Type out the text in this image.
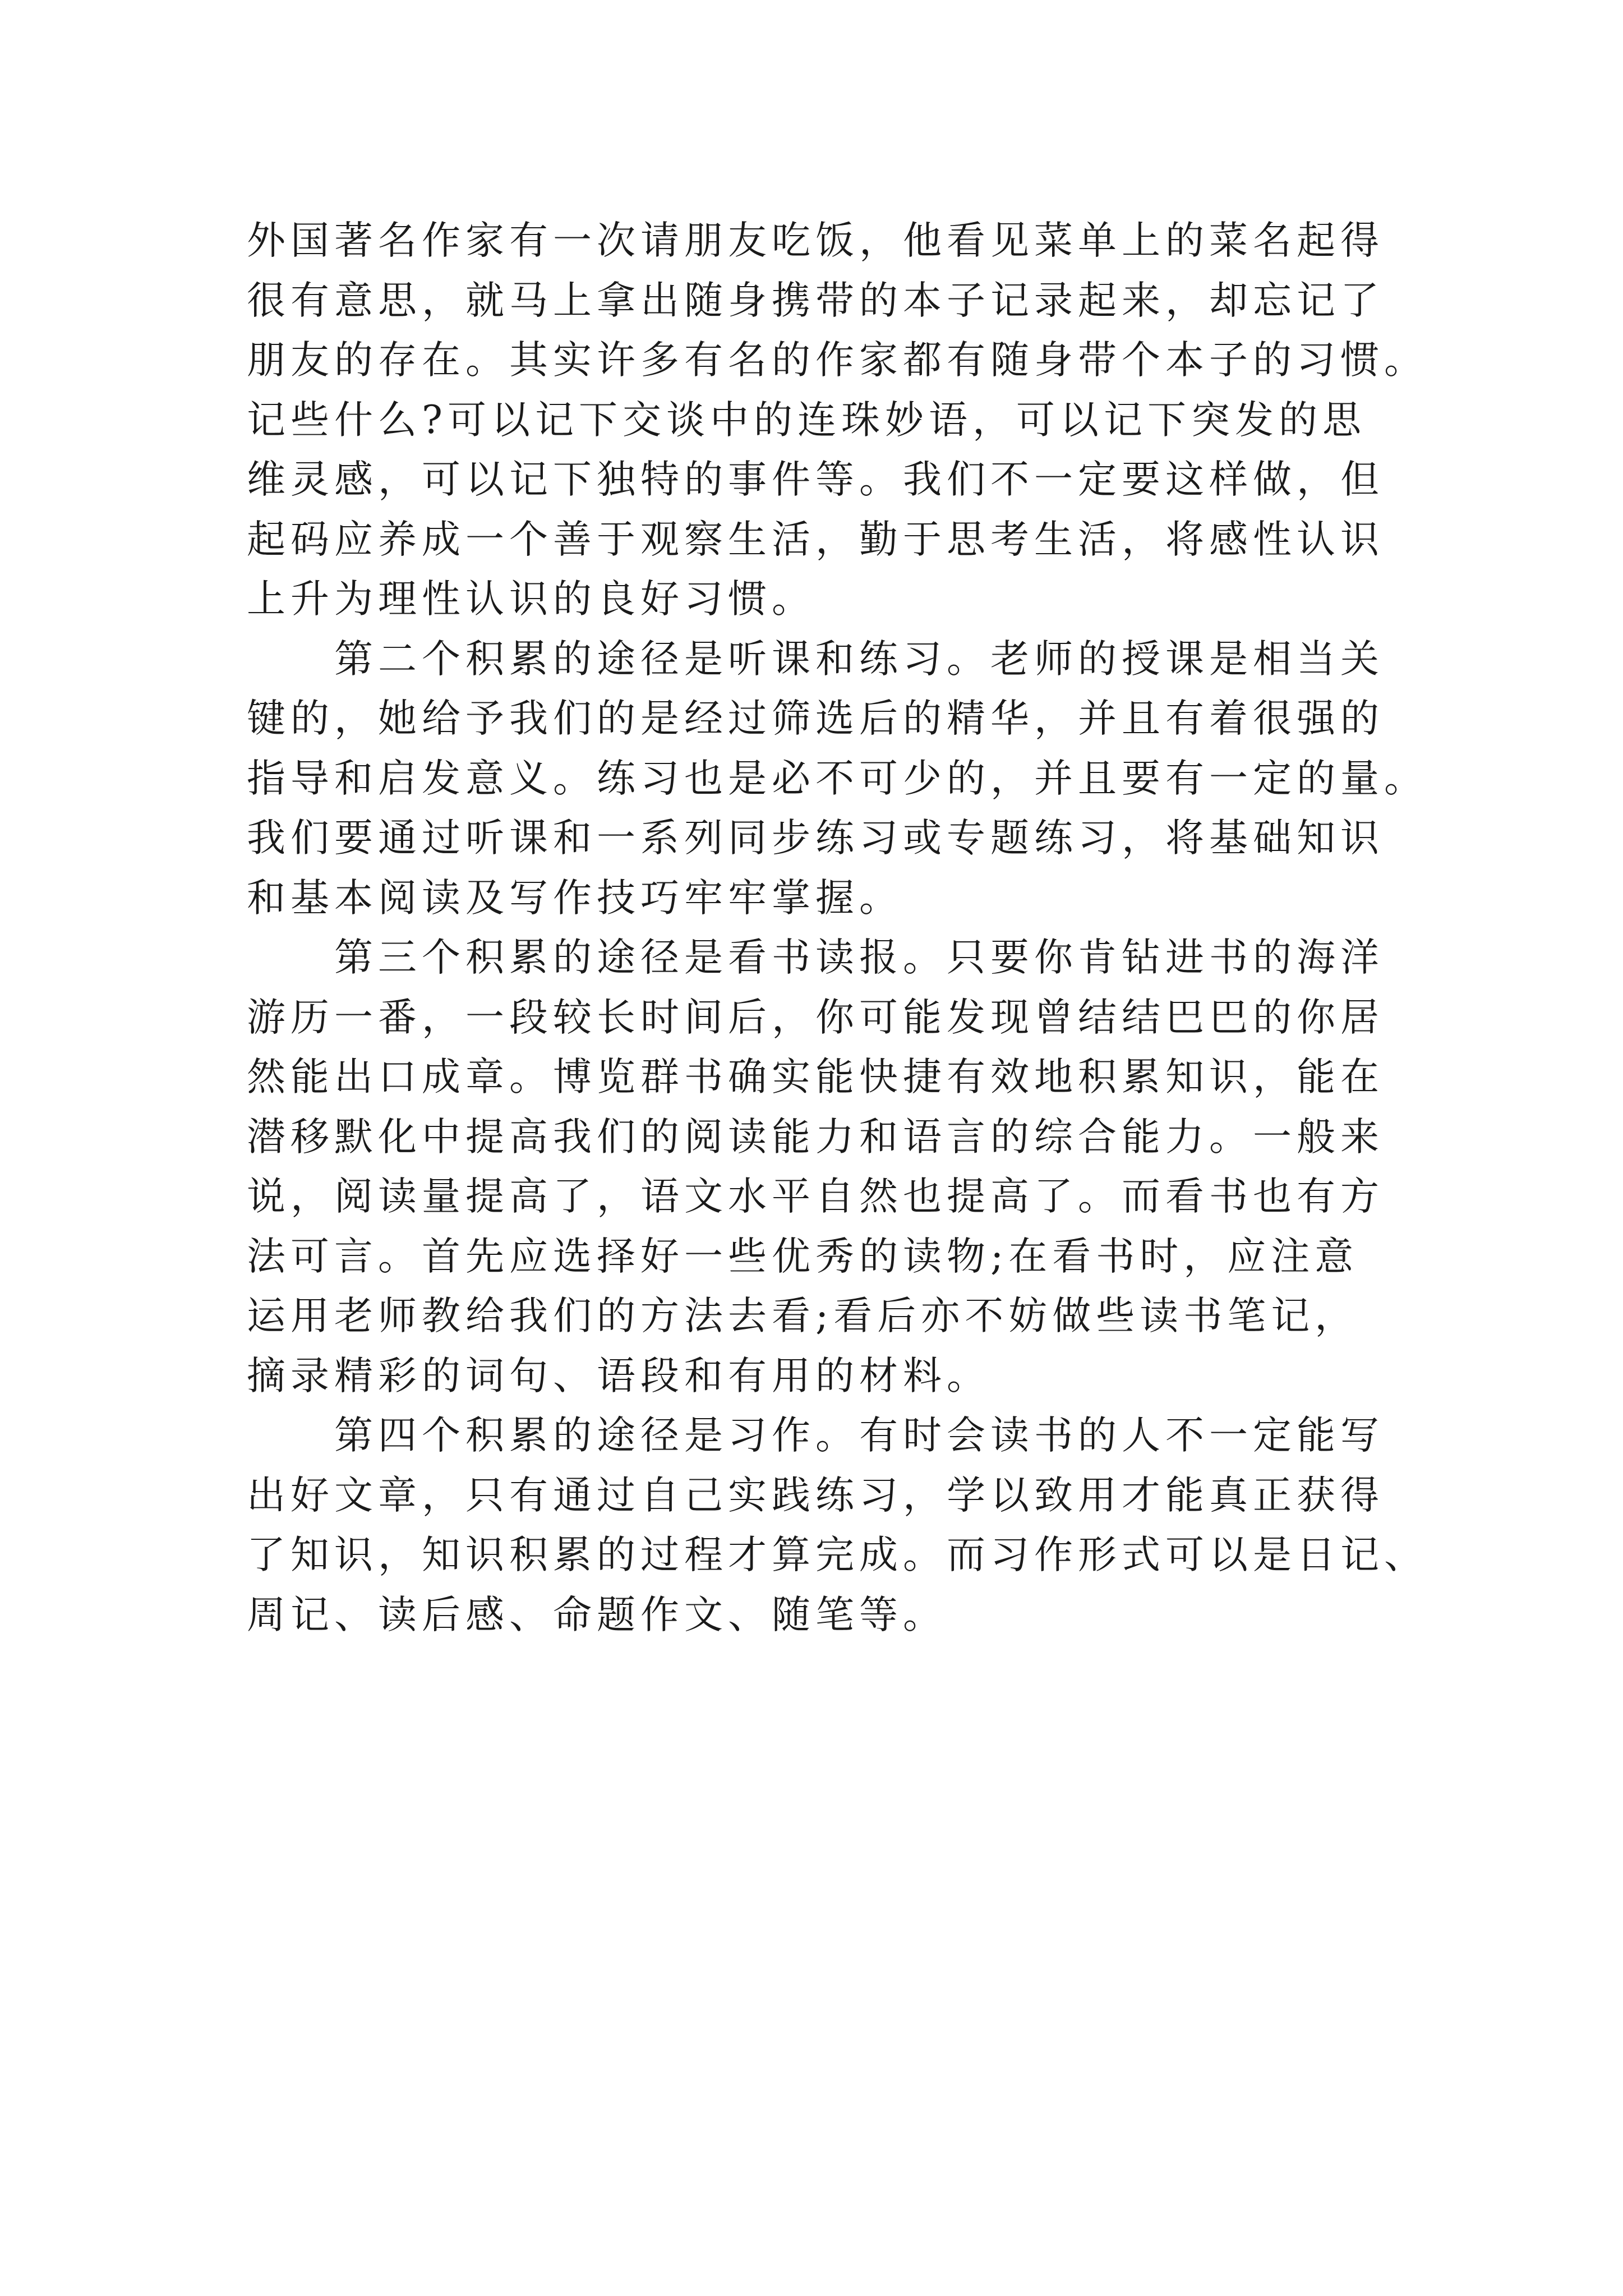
外国著名作家有一次请朋友吃饭，他看见菜单上的菜名起得
很有意思，就马上拿出随身携带的本子记录起来，却忘记了
朋友的存在。其实许多有名的作家都有随身带个本子的习惯。
记些什么?可以记下交谈中的连珠妙语，可以记下突发的思
维灵感，可以记下独特的事件等。我们不一定要这样做，但
起码应养成一个善于观察生活，勤于思考生活，将感性认识
上升为理性认识的良好习惯。
第二个积累的途径是听课和练习。老师的授课是相当关
键的，她给予我们的是经过筛选后的精华，并且有着很强的
指导和启发意义。练习也是必不可少的，并且要有一定的量。
我们要通过听课和一系列同步练习或专题练习，将基础知识
和基本阅读及写作技巧牢牢掌握。
第三个积累的途径是看书读报。只要你肯钻进书的海洋
游历一番，一段较长时间后，你可能发现曾结结巴巴的你居
然能出口成章。博览群书确实能快捷有效地积累知识，能在
潜移默化中提高我们的阅读能力和语言的综合能力。一般来
说，阅读量提高了，语文水平自然也提高了。而看书也有方
法可言。首先应选择好一些优秀的读物;在看书时，应注意
运用老师教给我们的方法去看;看后亦不妨做些读书笔记，
摘录精彩的词句、语段和有用的材料。
第四个积累的途径是习作。有时会读书的人不一定能写
出好文章，只有通过自己实践练习，学以致用才能真正获得
了知识，知识积累的过程才算完成。而习作形式可以是日记、
周记、读后感、命题作文、随笔等。
